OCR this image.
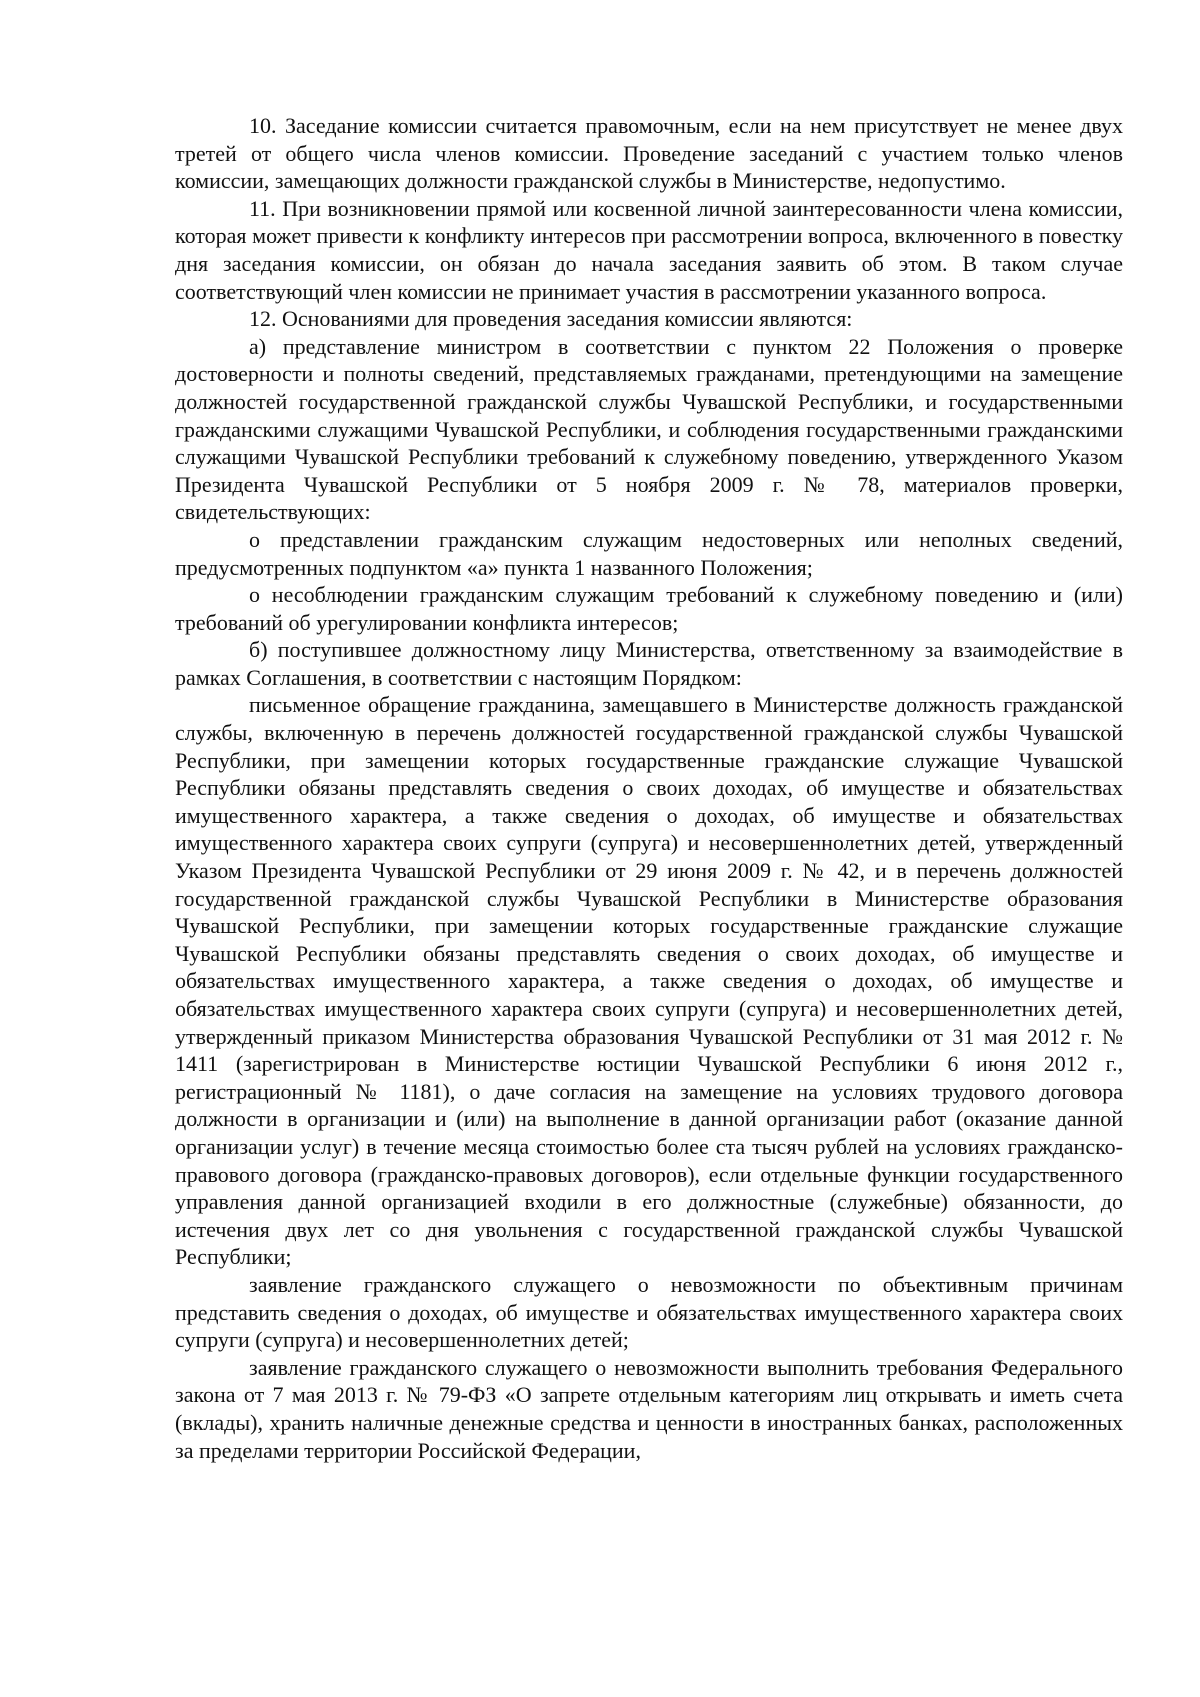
10. Заседание комиссии считается правомочным, если на нем присутствует не менее двух третей от общего числа членов комиссии. Проведение заседаний с участием только членов комиссии, замещающих должности гражданской службы в Министерстве, недопустимо.

11. При возникновении прямой или косвенной личной заинтересованности члена комиссии, которая может привести к конфликту интересов при рассмотрении вопроса, включенного в повестку дня заседания комиссии, он обязан до начала заседания заявить об этом. В таком случае соответствующий член комиссии не принимает участия в рассмотрении указанного вопроса.

12. Основаниями для проведения заседания комиссии являются:

а) представление министром в соответствии с пунктом 22 Положения о проверке достоверности и полноты сведений, представляемых гражданами, претендующими на замещение должностей государственной гражданской службы Чувашской Республики, и государственными гражданскими служащими Чувашской Республики, и соблюдения государственными гражданскими служащими Чувашской Республики требований к служебному поведению, утвержденного Указом Президента Чувашской Республики от 5 ноября 2009 г. № 78, материалов проверки, свидетельствующих:

о представлении гражданским служащим недостоверных или неполных сведений, предусмотренных подпунктом «а» пункта 1 названного Положения;

о несоблюдении гражданским служащим требований к служебному поведению и (или) требований об урегулировании конфликта интересов;

б) поступившее должностному лицу Министерства, ответственному за взаимодействие в рамках Соглашения, в соответствии с настоящим Порядком:

письменное обращение гражданина, замещавшего в Министерстве должность гражданской службы, включенную в перечень должностей государственной гражданской службы Чувашской Республики, при замещении которых государственные гражданские служащие Чувашской Республики обязаны представлять сведения о своих доходах, об имуществе и обязательствах имущественного характера, а также сведения о доходах, об имуществе и обязательствах имущественного характера своих супруги (супруга) и несовершеннолетних детей, утвержденный Указом Президента Чувашской Республики от 29 июня 2009 г. № 42, и в перечень должностей государственной гражданской службы Чувашской Республики в Министерстве образования Чувашской Республики, при замещении которых государственные гражданские служащие Чувашской Республики обязаны представлять сведения о своих доходах, об имуществе и обязательствах имущественного характера, а также сведения о доходах, об имуществе и обязательствах имущественного характера своих супруги (супруга) и несовершеннолетних детей, утвержденный приказом Министерства образования Чувашской Республики от 31 мая 2012 г. № 1411 (зарегистрирован в Министерстве юстиции Чувашской Республики 6 июня 2012 г., регистрационный № 1181), о даче согласия на замещение на условиях трудового договора должности в организации и (или) на выполнение в данной организации работ (оказание данной организации услуг) в течение месяца стоимостью более ста тысяч рублей на условиях гражданско-правового договора (гражданско-правовых договоров), если отдельные функции государственного управления данной организацией входили в его должностные (служебные) обязанности, до истечения двух лет со дня увольнения с государственной гражданской службы Чувашской Республики;

заявление гражданского служащего о невозможности по объективным причинам представить сведения о доходах, об имуществе и обязательствах имущественного характера своих супруги (супруга) и несовершеннолетних детей;

заявление гражданского служащего о невозможности выполнить требования Федерального закона от 7 мая 2013 г. № 79-ФЗ «О запрете отдельным категориям лиц открывать и иметь счета (вклады), хранить наличные денежные средства и ценности в иностранных банках, расположенных за пределами территории Российской Федерации,
